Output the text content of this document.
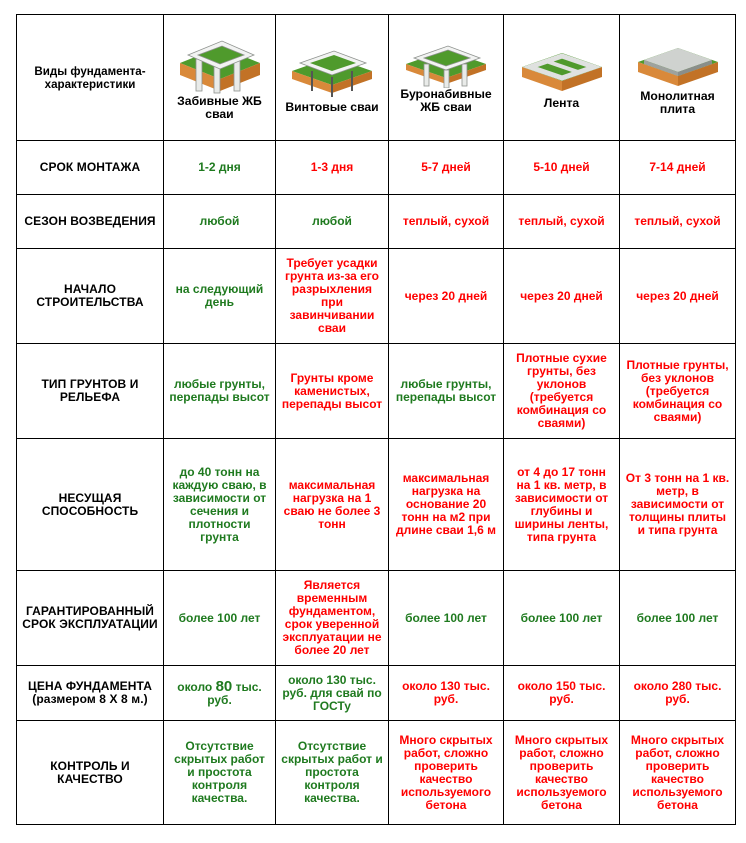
Виды фундамента-характеристики	Забивные ЖБ сваи	Винтовые сваи	Буронабивные ЖБ сваи	Лента	Монолитная плита

СРОК МОНТАЖА	1-2 дня	1-3 дня	5-7 дней	5-10 дней	7-14 дней
СЕЗОН ВОЗВЕДЕНИЯ	любой	любой	теплый, сухой	теплый, сухой	теплый, сухой
НАЧАЛО СТРОИТЕЛЬСТВА	на следующий день	Требует усадки грунта из-за его разрыхления при завинчивании сваи	через 20 дней	через 20 дней	через 20 дней
ТИП ГРУНТОВ И РЕЛЬЕФА	любые грунты, перепады высот	Грунты кроме каменистых, перепады высот	любые грунты, перепады высот	Плотные сухие грунты, без уклонов (требуется комбинация со сваями)	Плотные грунты, без уклонов (требуется комбинация со сваями)
НЕСУЩАЯ СПОСОБНОСТЬ	до 40 тонн на каждую сваю, в зависимости от сечения и плотности грунта	максимальная нагрузка на 1 сваю не более 3 тонн	максимальная нагрузка на основание 20 тонн на м2 при длине сваи 1,6 м	от 4 до 17 тонн на 1 кв. метр, в зависимости от глубины и ширины ленты, типа грунта	От 3 тонн на 1 кв. метр, в зависимости от толщины плиты и типа грунта
ГАРАНТИРОВАННЫЙ СРОК ЭКСПЛУАТАЦИИ	более 100 лет	Является временным фундаментом, срок уверенной эксплуатации не более 20 лет	более 100 лет	более 100 лет	более 100 лет
ЦЕНА ФУНДАМЕНТА (размером 8 X 8 м.)	около 80 тыс. руб.	около 130 тыс. руб. для свай по ГОСТу	около 130 тыс. руб.	около 150 тыс. руб.	около 280 тыс. руб.
КОНТРОЛЬ И КАЧЕСТВО	Отсутствие скрытых работ и простота контроля качества.	Отсутствие скрытых работ и простота контроля качества.	Много скрытых работ, сложно проверить качество используемого бетона	Много скрытых работ, сложно проверить качество используемого бетона	Много скрытых работ, сложно проверить качество используемого бетона
